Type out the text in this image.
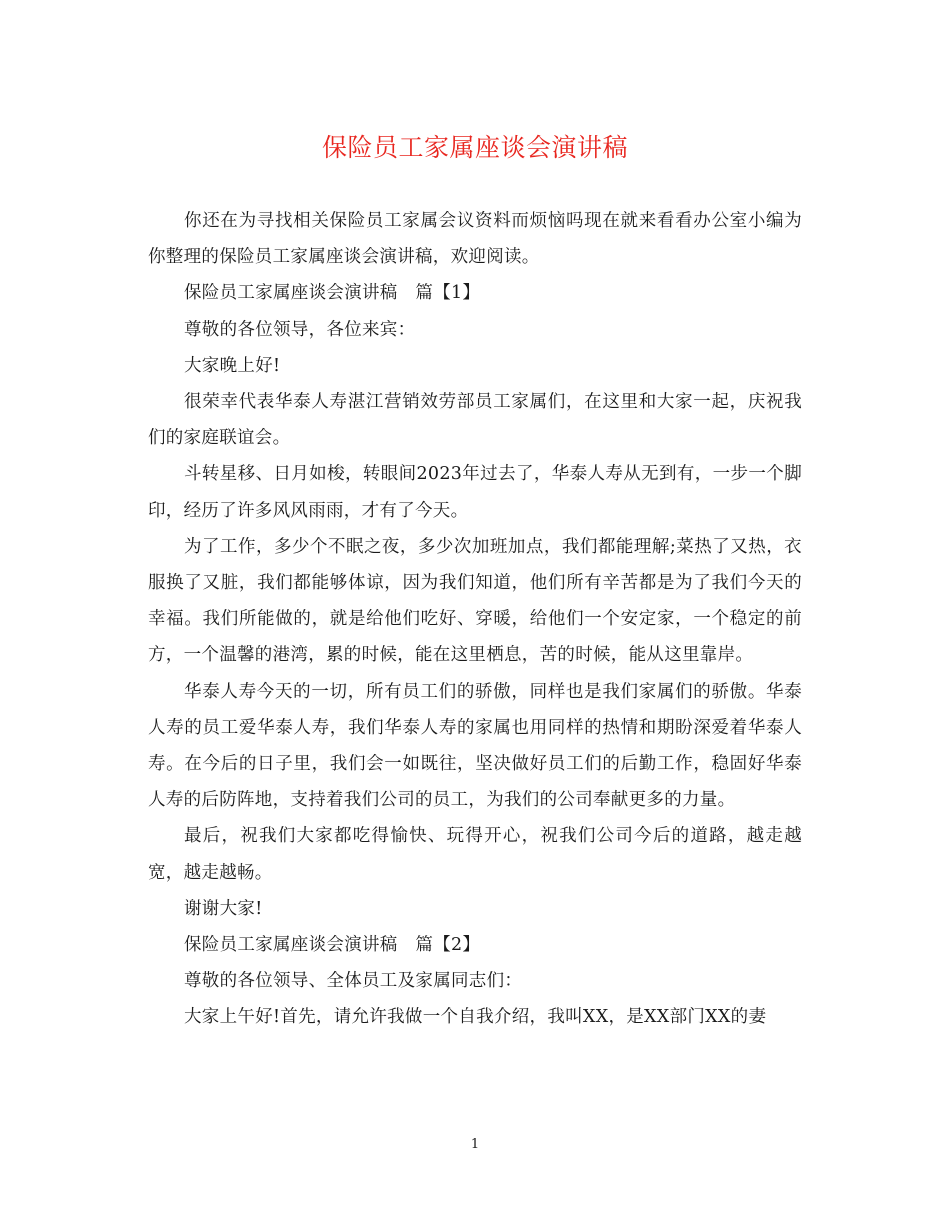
保险员工家属座谈会演讲稿

你还在为寻找相关保险员工家属会议资料而烦恼吗现在就来看看办公室小编为你整理的保险员工家属座谈会演讲稿，欢迎阅读。

保险员工家属座谈会演讲稿　篇【1】

尊敬的各位领导，各位来宾：

大家晚上好!

很荣幸代表华泰人寿湛江营销效劳部员工家属们，在这里和大家一起，庆祝我们的家庭联谊会。

斗转星移、日月如梭，转眼间2023年过去了，华泰人寿从无到有，一步一个脚印，经历了许多风风雨雨，才有了今天。

为了工作，多少个不眠之夜，多少次加班加点，我们都能理解;菜热了又热，衣服换了又脏，我们都能够体谅，因为我们知道，他们所有辛苦都是为了我们今天的幸福。我们所能做的，就是给他们吃好、穿暖，给他们一个安定家，一个稳定的前方，一个温馨的港湾，累的时候，能在这里栖息，苦的时候，能从这里靠岸。

华泰人寿今天的一切，所有员工们的骄傲，同样也是我们家属们的骄傲。华泰人寿的员工爱华泰人寿，我们华泰人寿的家属也用同样的热情和期盼深爱着华泰人寿。在今后的日子里，我们会一如既往，坚决做好员工们的后勤工作，稳固好华泰人寿的后防阵地，支持着我们公司的员工，为我们的公司奉献更多的力量。

最后，祝我们大家都吃得愉快、玩得开心，祝我们公司今后的道路，越走越宽，越走越畅。

谢谢大家!

保险员工家属座谈会演讲稿　篇【2】

尊敬的各位领导、全体员工及家属同志们：

大家上午好!首先，请允许我做一个自我介绍，我叫XX，是XX部门XX的妻

1
